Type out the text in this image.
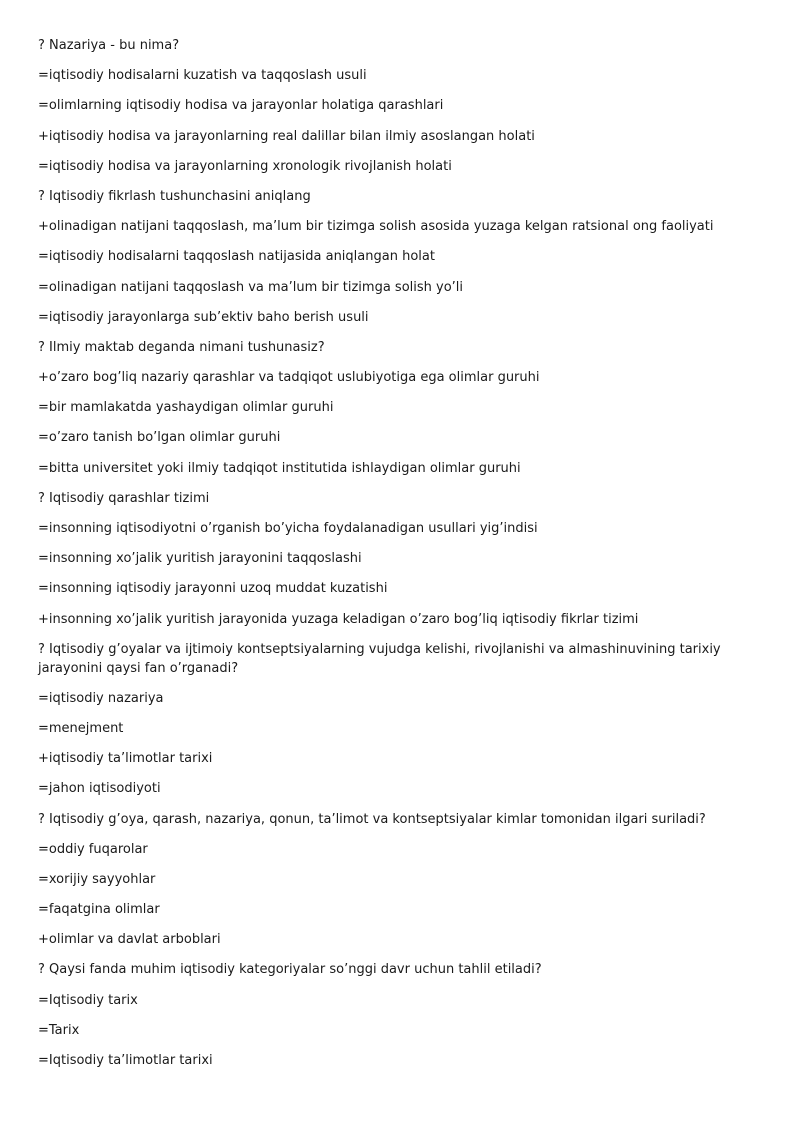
? Nazariya - bu nima?
=iqtisodiy hodisalarni kuzatish va taqqoslash usuli
=olimlarning iqtisodiy hodisa va jarayonlar holatiga qarashlari
+iqtisodiy hodisa va jarayonlarning real dalillar bilan ilmiy asoslangan holati
=iqtisodiy hodisa va jarayonlarning xronologik rivojlanish holati
? Iqtisodiy fikrlash tushunchasini aniqlang
+olinadigan natijani taqqoslash, ma’lum bir tizimga solish asosida yuzaga kelgan ratsional ong faoliyati
=iqtisodiy hodisalarni taqqoslash natijasida aniqlangan holat
=olinadigan natijani taqqoslash va ma’lum bir tizimga solish yo’li
=iqtisodiy jarayonlarga sub’ektiv baho berish usuli
? Ilmiy maktab deganda nimani tushunasiz?
+o’zaro bog’liq nazariy qarashlar va tadqiqot uslubiyotiga ega olimlar guruhi
=bir mamlakatda yashaydigan olimlar guruhi
=o’zaro tanish bo’lgan olimlar guruhi
=bitta universitet yoki ilmiy tadqiqot institutida ishlaydigan olimlar guruhi
? Iqtisodiy qarashlar tizimi
=insonning iqtisodiyotni o’rganish bo’yicha foydalanadigan usullari yig’indisi
=insonning xo’jalik yuritish jarayonini taqqoslashi
=insonning iqtisodiy jarayonni uzoq muddat kuzatishi
+insonning xo’jalik yuritish jarayonida yuzaga keladigan o’zaro bog’liq iqtisodiy fikrlar tizimi
? Iqtisodiy g’oyalar va ijtimoiy kontseptsiyalarning vujudga kelishi, rivojlanishi va almashinuvining tarixiy jarayonini qaysi fan o’rganadi?
=iqtisodiy nazariya
=menejment
+iqtisodiy ta’limotlar tarixi
=jahon iqtisodiyoti
? Iqtisodiy g’oya, qarash, nazariya, qonun, ta’limot va kontseptsiyalar kimlar tomonidan ilgari suriladi?
=oddiy fuqarolar
=xorijiy sayyohlar
=faqatgina olimlar
+olimlar va davlat arboblari
? Qaysi fanda muhim iqtisodiy kategoriyalar so’nggi davr uchun tahlil etiladi?
=Iqtisodiy tarix
=Tarix
=Iqtisodiy ta’limotlar tarixi
